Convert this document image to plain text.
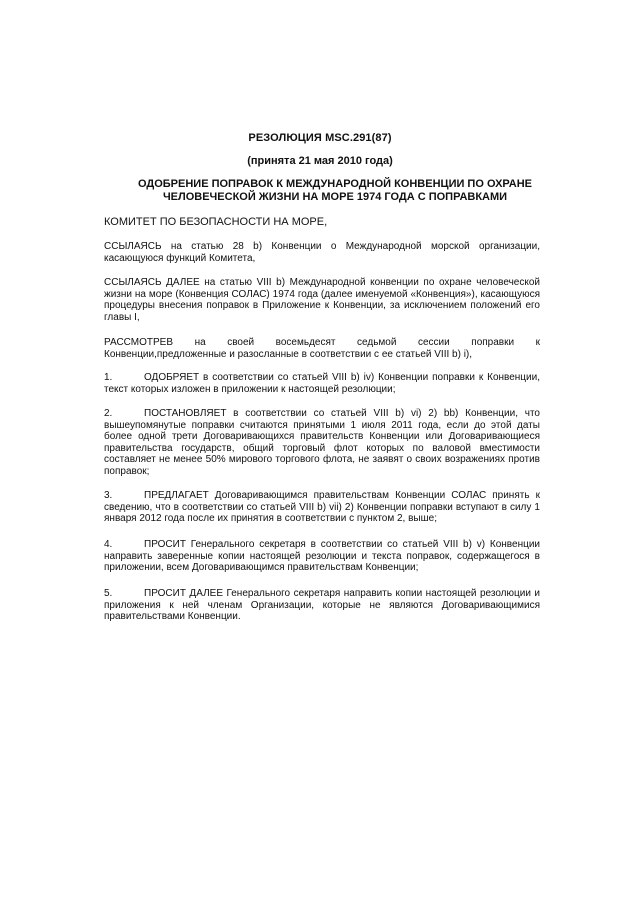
РЕЗОЛЮЦИЯ MSC.291(87)
(принята 21 мая 2010 года)
ОДОБРЕНИЕ ПОПРАВОК К МЕЖДУНАРОДНОЙ КОНВЕНЦИИ ПО ОХРАНЕ ЧЕЛОВЕЧЕСКОЙ ЖИЗНИ НА МОРЕ 1974 ГОДА С ПОПРАВКАМИ
КОМИТЕТ ПО БЕЗОПАСНОСТИ НА МОРЕ,
ССЫЛАЯСЬ на статью 28 b) Конвенции о Международной морской организации, касающуюся функций Комитета,
ССЫЛАЯСЬ ДАЛЕЕ на статью VIII b) Международной конвенции по охране человеческой жизни на море (Конвенция СОЛАС) 1974 года (далее именуемой «Конвенция»), касающуюся процедуры внесения поправок в Приложение к Конвенции, за исключением положений его главы I,
РАССМОТРЕВ на своей восемьдесят седьмой сессии поправки к
Конвенции,предложенные и разосланные в соответствии с ее статьей VIII b) i),
1.	ОДОБРЯЕТ в соответствии со статьей VIII b) iv) Конвенции поправки к Конвенции, текст которых изложен в приложении к настоящей резолюции;
2.	ПОСТАНОВЛЯЕТ в соответствии со статьей VIII b) vi) 2) bb) Конвенции, что вышеупомянутые поправки считаются принятыми 1 июля 2011 года, если до этой даты более одной трети Договаривающихся правительств Конвенции или Договаривающиеся правительства государств, общий торговый флот которых по валовой вместимости составляет не менее 50% мирового торгового флота, не заявят о своих возражениях против поправок;
3.	ПРЕДЛАГАЕТ Договаривающимся правительствам Конвенции СОЛАС принять к сведению, что в соответствии со статьей VIII b) vii) 2) Конвенции поправки вступают в силу 1 января 2012 года после их принятия в соответствии с пунктом 2, выше;
4.	ПРОСИТ Генерального секретаря в соответствии со статьей VIII b) v) Конвенции направить заверенные копии настоящей резолюции и текста поправок, содержащегося в приложении, всем Договаривающимся правительствам Конвенции;
5.	ПРОСИТ ДАЛЕЕ Генерального секретаря направить копии настоящей резолюции и приложения к ней членам Организации, которые не являются Договаривающимися правительствами Конвенции.
